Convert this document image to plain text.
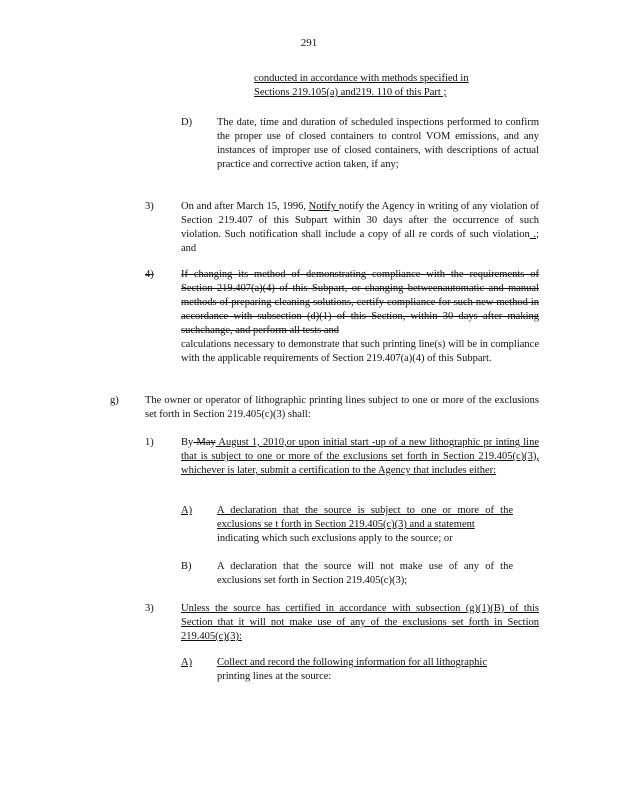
291
conducted in accordance with methods specified in
Sections 219.105(a) and219. 110 of this Part ;
D) The date, time and duration of scheduled inspections performed to confirm the proper use of closed containers to control VOM emissions, and any instances of improper use of closed containers, with descriptions of actual practice and corrective action taken, if any;
3)	On and after March 15, 1996, Notify notify the Agency in writing of any violation of Section 219.407 of this Subpart within 30 days after the occurrence of such violation. Such notification shall include a copy of all re cords of such violation .; and
4)	If changing its method of demonstrating compliance with the requirements of Section 219.407(a)(4) of this Subpart, or changing betweenautomatic and manual methods of preparing cleaning solutions, certify compliance for such new method in accordance with subsection (d)(1) of this Section, within 30 days after making suchchange, and perform all tests and
calculations necessary to demonstrate that such printing line(s) will be in compliance with the applicable requirements of Section 219.407(a)(4) of this Subpart.
g)	The owner or operator of lithographic printing lines subject to one or more of the exclusions set forth in Section 219.405(c)(3) shall:
1)	By May August 1, 2010,or upon initial start -up of a new lithographic pr inting line that is subject to one or more of the exclusions set forth in Section 219.405(c)(3), whichever is later, submit a certification to the Agency that includes either:
A) A declaration that the source is subject to one or more of the exclusions se t forth in Section 219.405(c)(3) and a statement
indicating which such exclusions apply to the source; or
B) A declaration that the source will not make use of any of the exclusions set forth in Section 219.405(c)(3);
3)	Unless the source has certified in accordance with subsection (g)(1)(B) of this Section that it will not make use of any of the exclusions set forth in Section 219.405(c)(3):
A) Collect and record the following information for all lithographic
printing lines at the source:
